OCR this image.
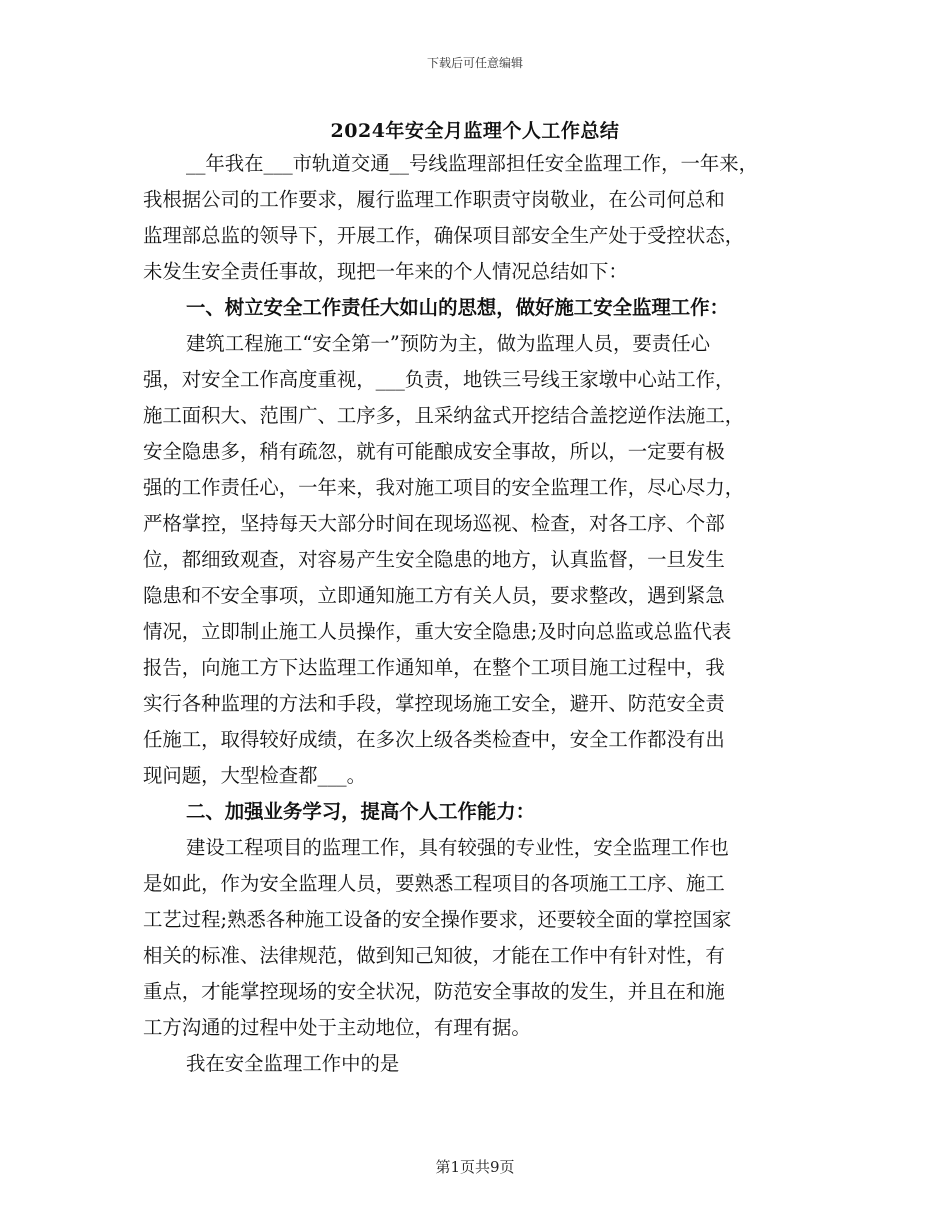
下载后可任意编辑
2024年安全月监理个人工作总结
__年我在___市轨道交通__号线监理部担任安全监理工作，一年来，
我根据公司的工作要求，履行监理工作职责守岗敬业，在公司何总和
监理部总监的领导下，开展工作，确保项目部安全生产处于受控状态，
未发生安全责任事故，现把一年来的个人情况总结如下：
一、树立安全工作责任大如山的思想，做好施工安全监理工作：
建筑工程施工“安全第一”预防为主，做为监理人员，要责任心
强，对安全工作高度重视，___负责，地铁三号线王家墩中心站工作，
施工面积大、范围广、工序多，且采纳盆式开挖结合盖挖逆作法施工，
安全隐患多，稍有疏忽，就有可能酿成安全事故，所以，一定要有极
强的工作责任心，一年来，我对施工项目的安全监理工作，尽心尽力，
严格掌控，坚持每天大部分时间在现场巡视、检查，对各工序、个部
位，都细致观查，对容易产生安全隐患的地方，认真监督，一旦发生
隐患和不安全事项，立即通知施工方有关人员，要求整改，遇到紧急
情况，立即制止施工人员操作，重大安全隐患;及时向总监或总监代表
报告，向施工方下达监理工作通知单，在整个工项目施工过程中，我
实行各种监理的方法和手段，掌控现场施工安全，避开、防范安全责
任施工，取得较好成绩，在多次上级各类检查中，安全工作都没有出
现问题，大型检查都___。
二、加强业务学习，提高个人工作能力：
建设工程项目的监理工作，具有较强的专业性，安全监理工作也
是如此，作为安全监理人员，要熟悉工程项目的各项施工工序、施工
工艺过程;熟悉各种施工设备的安全操作要求，还要较全面的掌控国家
相关的标准、法律规范，做到知己知彼，才能在工作中有针对性，有
重点，才能掌控现场的安全状况，防范安全事故的发生，并且在和施
工方沟通的过程中处于主动地位，有理有据。
我在安全监理工作中的是
第1页共9页
